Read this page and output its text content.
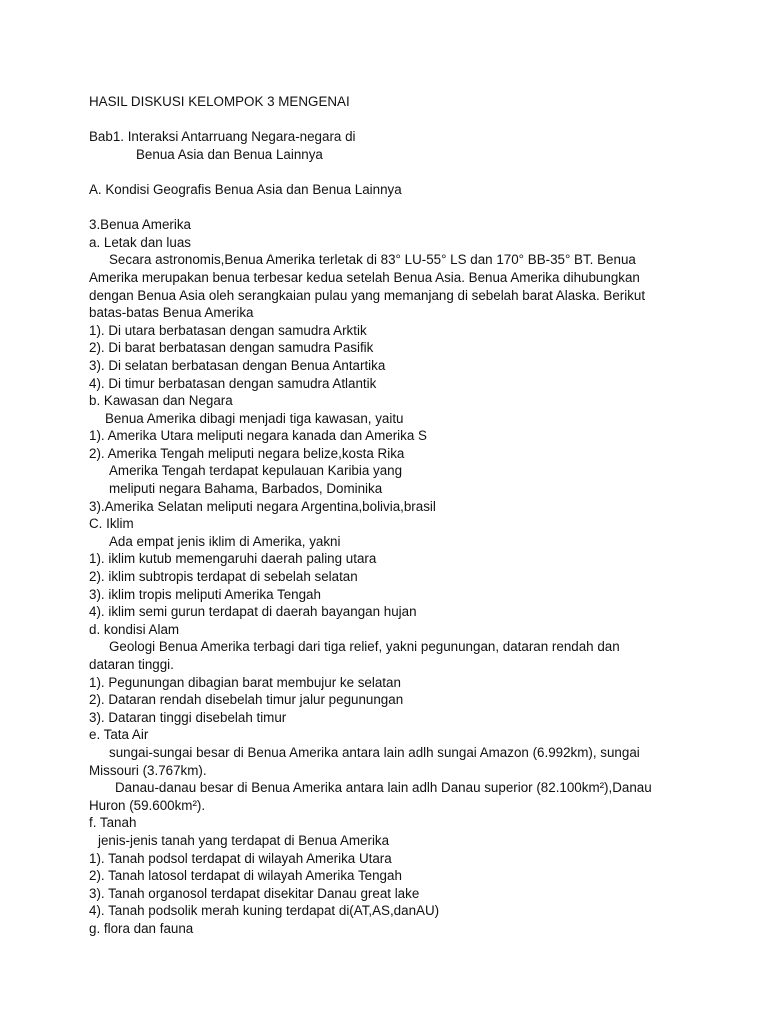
HASIL DISKUSI KELOMPOK 3 MENGENAI
Bab1. Interaksi Antarruang Negara-negara di
Benua Asia dan Benua Lainnya
A. Kondisi Geografis Benua Asia dan Benua Lainnya
3.Benua Amerika
a. Letak dan luas
Secara astronomis,Benua Amerika terletak di 83° LU-55° LS dan 170° BB-35° BT. Benua
Amerika merupakan benua terbesar kedua setelah Benua Asia. Benua Amerika dihubungkan
dengan Benua Asia oleh serangkaian pulau yang memanjang di sebelah barat Alaska. Berikut
batas-batas Benua Amerika
1). Di utara berbatasan dengan samudra Arktik
2). Di barat berbatasan dengan samudra Pasifik
3). Di selatan berbatasan dengan Benua Antartika
4). Di timur berbatasan dengan samudra Atlantik
b. Kawasan dan Negara
Benua Amerika dibagi menjadi tiga kawasan, yaitu
1). Amerika Utara meliputi negara kanada dan Amerika S
2). Amerika Tengah meliputi negara belize,kosta Rika
Amerika Tengah terdapat kepulauan Karibia yang
meliputi negara Bahama, Barbados, Dominika
3).Amerika Selatan meliputi negara Argentina,bolivia,brasil
C. Iklim
Ada empat jenis iklim di Amerika, yakni
1). iklim kutub memengaruhi daerah paling utara
2). iklim subtropis terdapat di sebelah selatan
3). iklim tropis meliputi Amerika Tengah
4). iklim semi gurun terdapat di daerah bayangan hujan
d. kondisi Alam
Geologi Benua Amerika terbagi dari tiga relief, yakni pegunungan, dataran rendah dan
dataran tinggi.
1). Pegunungan dibagian barat membujur ke selatan
2). Dataran rendah disebelah timur jalur pegunungan
3). Dataran tinggi disebelah timur
e. Tata Air
sungai-sungai besar di Benua Amerika antara lain adlh sungai Amazon (6.992km), sungai
Missouri (3.767km).
Danau-danau besar di Benua Amerika antara lain adlh Danau superior (82.100km²),Danau
Huron (59.600km²).
f. Tanah
jenis-jenis tanah yang terdapat di Benua Amerika
1). Tanah podsol terdapat di wilayah Amerika Utara
2). Tanah latosol terdapat di wilayah Amerika Tengah
3). Tanah organosol terdapat disekitar Danau great lake
4). Tanah podsolik merah kuning terdapat di(AT,AS,danAU)
g. flora dan fauna
